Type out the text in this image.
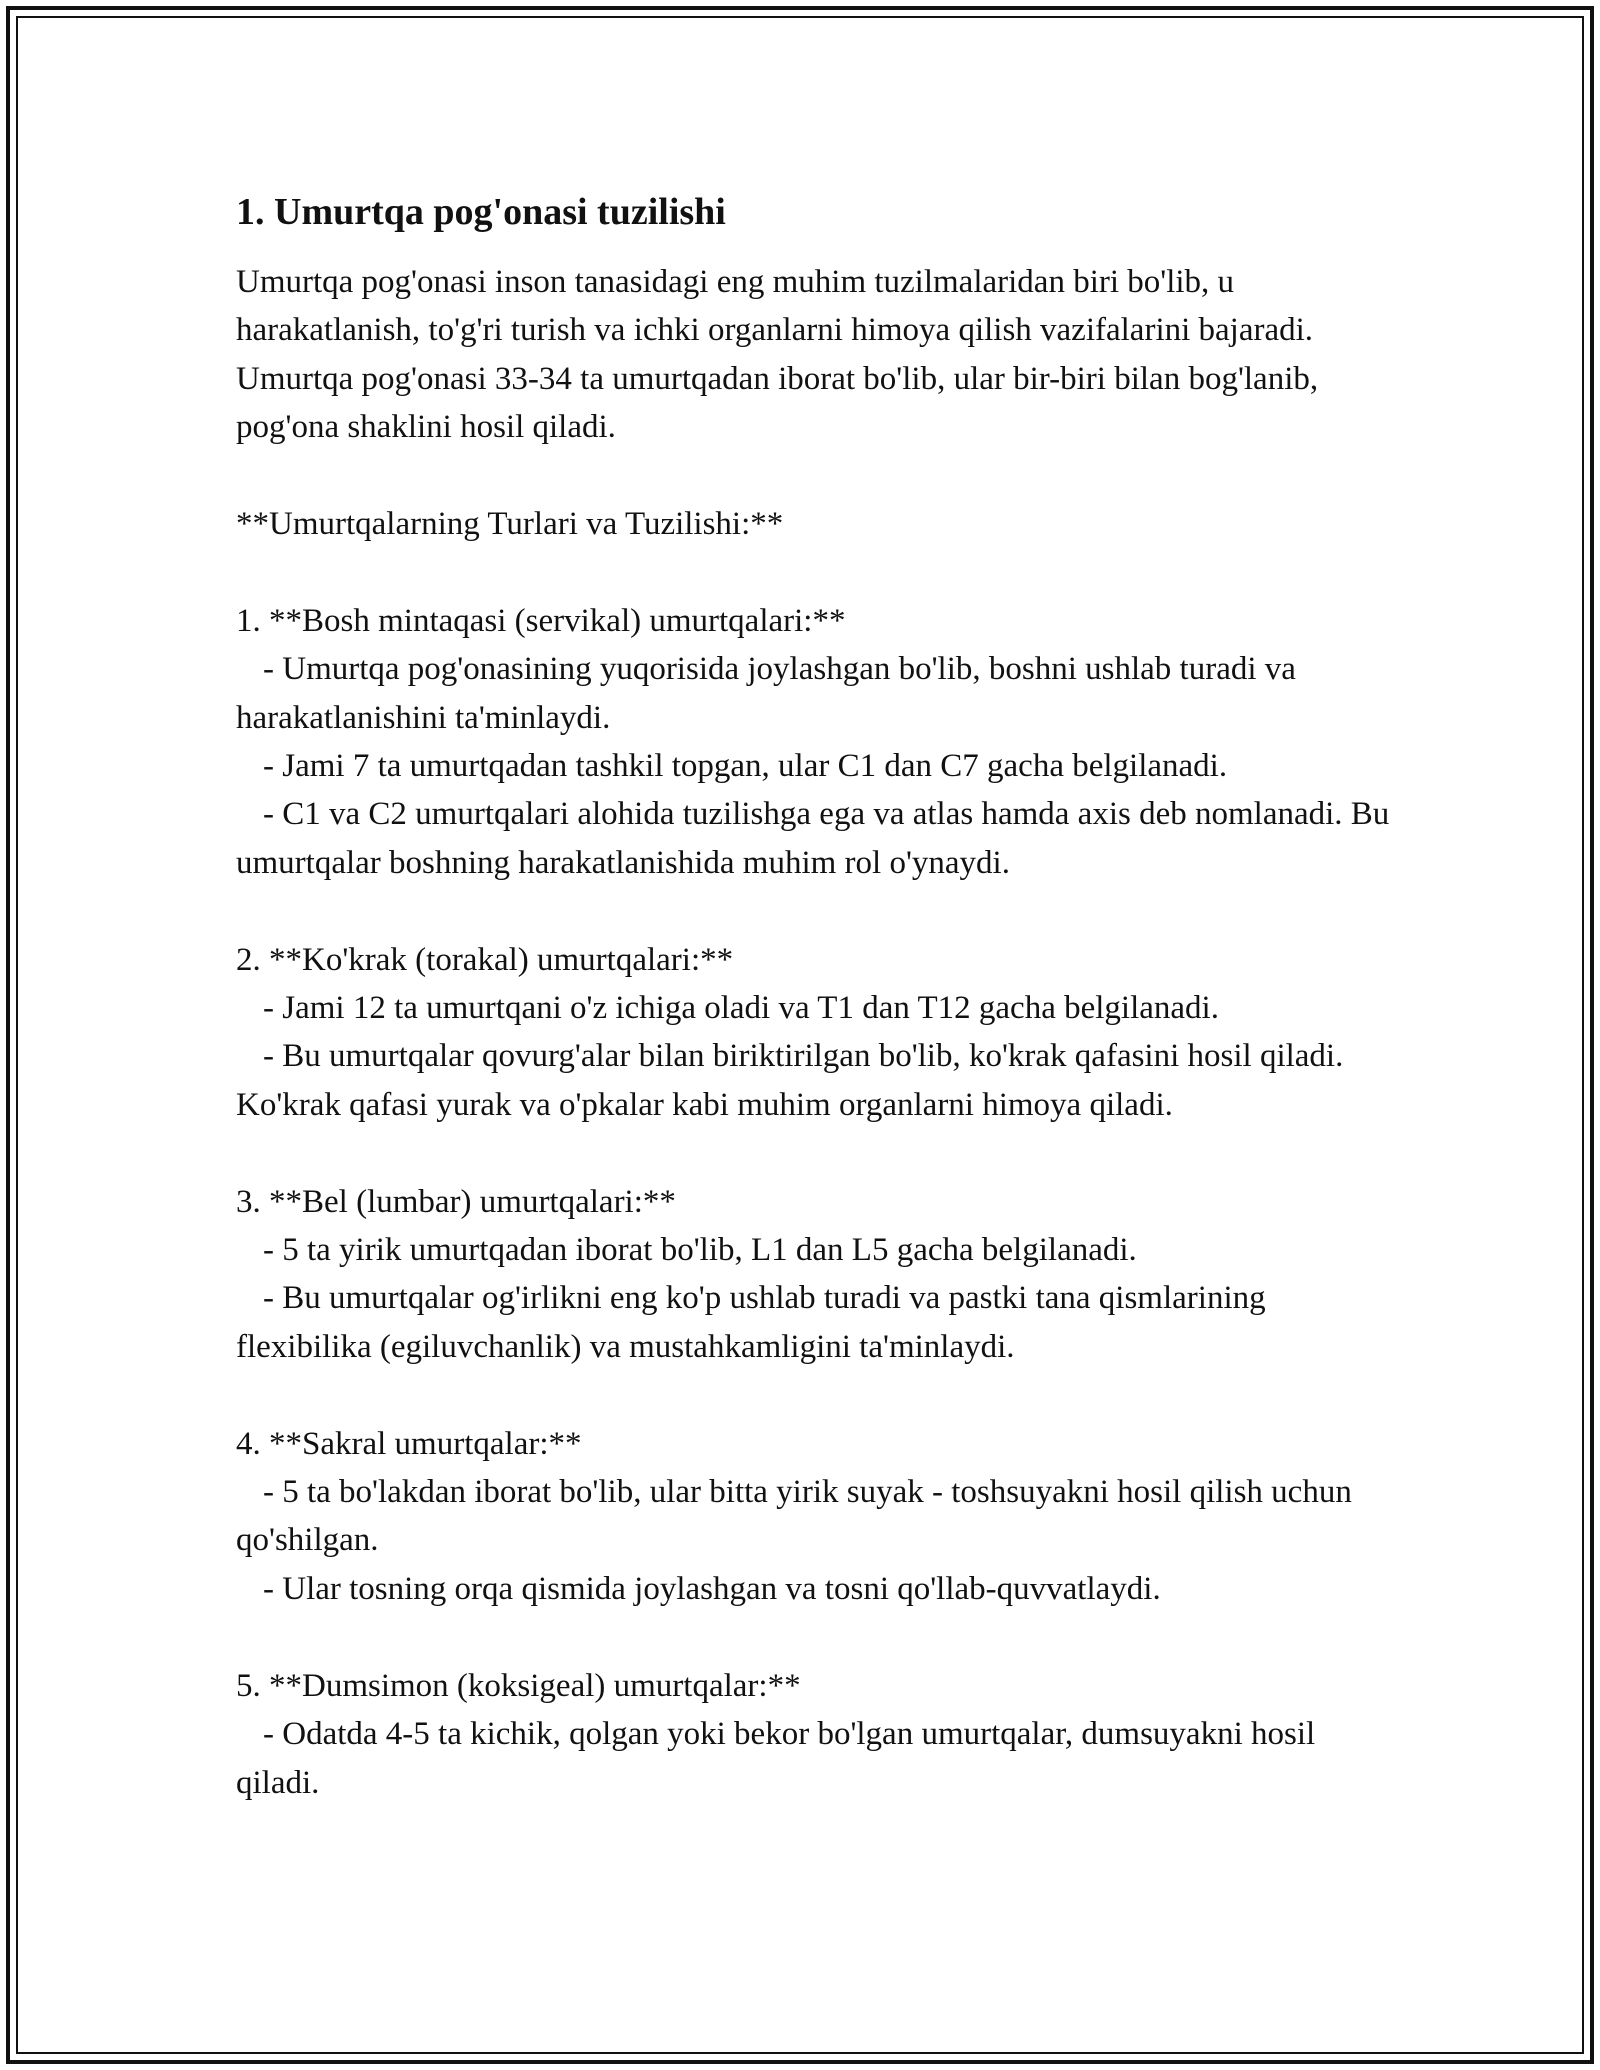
1. Umurtqa pog'onasi tuzilishi

Umurtqa pog'onasi inson tanasidagi eng muhim tuzilmalaridan biri bo'lib, u harakatlanish, to'g'ri turish va ichki organlarni himoya qilish vazifalarini bajaradi. Umurtqa pog'onasi 33-34 ta umurtqadan iborat bo'lib, ular bir-biri bilan bog'lanib, pog'ona shaklini hosil qiladi.

**Umurtqalarning Turlari va Tuzilishi:**

1. **Bosh mintaqasi (servikal) umurtqalari:**

- Umurtqa pog'onasining yuqorisida joylashgan bo'lib, boshni ushlab turadi va harakatlanishini ta'minlaydi.

- Jami 7 ta umurtqadan tashkil topgan, ular C1 dan C7 gacha belgilanadi.

- C1 va C2 umurtqalari alohida tuzilishga ega va atlas hamda axis deb nomlanadi. Bu umurtqalar boshning harakatlanishida muhim rol o'ynaydi.

2. **Ko'krak (torakal) umurtqalari:**

- Jami 12 ta umurtqani o'z ichiga oladi va T1 dan T12 gacha belgilanadi.

- Bu umurtqalar qovurg'alar bilan biriktirilgan bo'lib, ko'krak qafasini hosil qiladi. Ko'krak qafasi yurak va o'pkalar kabi muhim organlarni himoya qiladi.

3. **Bel (lumbar) umurtqalari:**

- 5 ta yirik umurtqadan iborat bo'lib, L1 dan L5 gacha belgilanadi.

- Bu umurtqalar og'irlikni eng ko'p ushlab turadi va pastki tana qismlarining flexibilika (egiluvchanlik) va mustahkamligini ta'minlaydi.

4. **Sakral umurtqalar:**

- 5 ta bo'lakdan iborat bo'lib, ular bitta yirik suyak - toshsuyakni hosil qilish uchun qo'shilgan.

- Ular tosning orqa qismida joylashgan va tosni qo'llab-quvvatlaydi.

5. **Dumsimon (koksigeal) umurtqalar:**

- Odatda 4-5 ta kichik, qolgan yoki bekor bo'lgan umurtqalar, dumsuyakni hosil qiladi.
